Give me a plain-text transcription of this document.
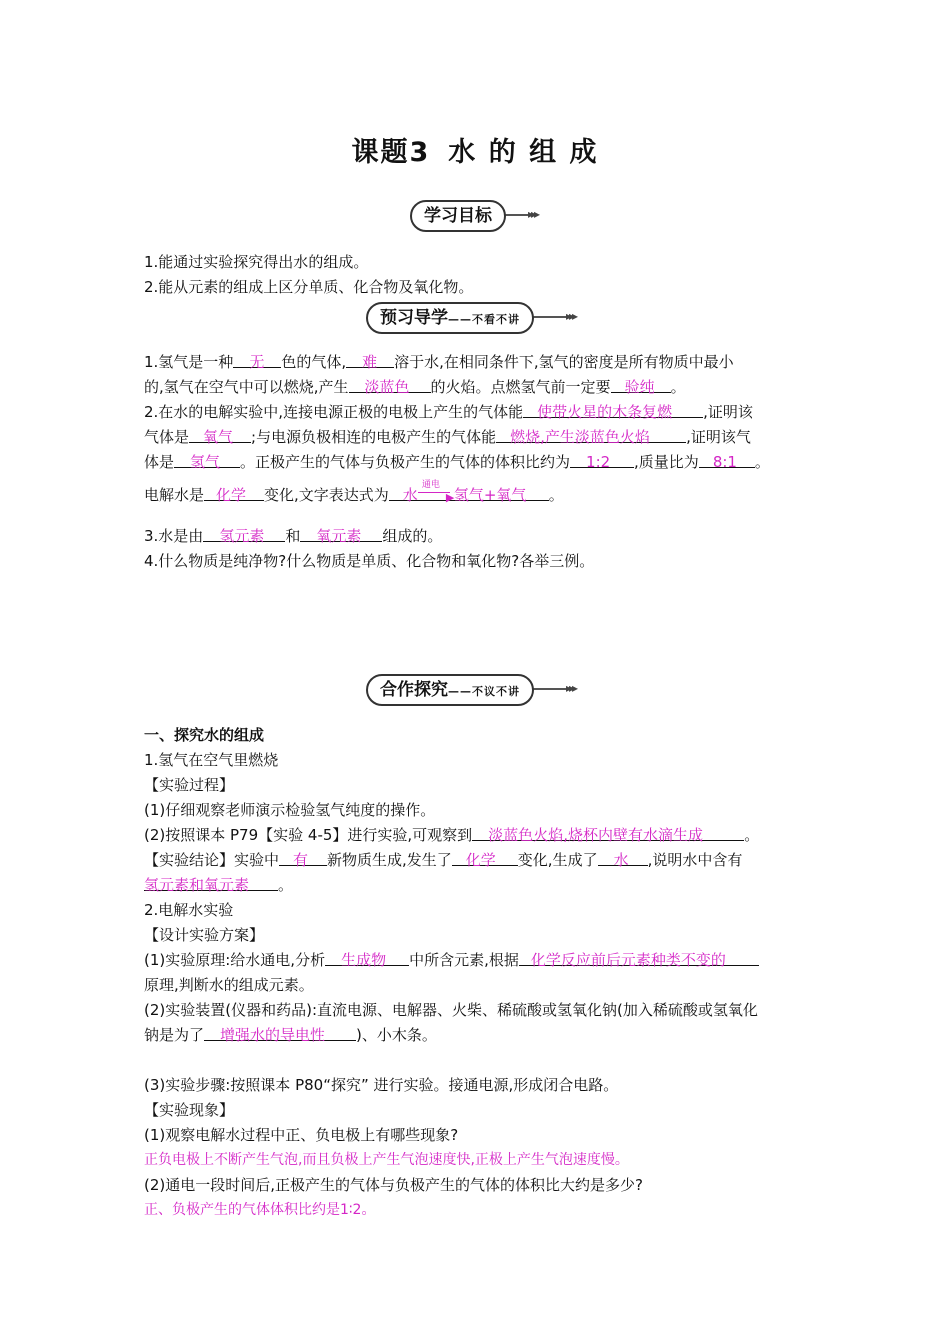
课题3 水 的 组 成
▸▸▸
学习目标
1.能通过实验探究得出水的组成。
2.能从元素的组成上区分单质、化合物及氧化物。
▸▸▸
预习导学——不看不讲
1.氢气是一种 无 色的气体, 难 溶于水,在相同条件下,氢气的密度是所有物质中最小
的,氢气在空气中可以燃烧,产生 淡蓝色 的火焰。点燃氢气前一定要 验纯 。
2.在水的电解实验中,连接电源正极的电极上产生的气体能 使带火星的木条复燃 ,证明该
气体是 氧气 ;与电源负极相连的电极产生的气体能 燃烧,产生淡蓝色火焰 ,证明该气
体是 氢气 。正极产生的气体与负极产生的气体的体积比约为 1:2 ,质量比为 8:1 。
电解水是 化学 变化,文字表达式为 水
通电
▶ 氢气+氧气 。
3.水是由 氢元素 和 氧元素 组成的。
4.什么物质是纯净物?什么物质是单质、化合物和氧化物?各举三例。
▸▸▸
合作探究——不议不讲
一、探究水的组成
1.氢气在空气里燃烧
【实验过程】
(1)仔细观察老师演示检验氢气纯度的操作。
(2)按照课本 P79【实验 4-5】进行实验,可观察到 淡蓝色火焰,烧杯内壁有水滴生成	。
【实验结论】实验中 有 新物质生成,发生了 化学 变化,生成了 水 ,说明水中含有
氢元素和氧元素 。
2.电解水实验
【设计实验方案】
(1)实验原理:给水通电,分析 生成物 中所含元素,根据 化学反应前后元素种类不变的
原理,判断水的组成元素。
(2)实验装置(仪器和药品):直流电源、电解器、火柴、稀硫酸或氢氧化钠(加入稀硫酸或氢氧化
钠是为了 增强水的导电性 )、小木条。
(3)实验步骤:按照课本 P80“探究” 进行实验。接通电源,形成闭合电路。
【实验现象】
(1)观察电解水过程中正、负电极上有哪些现象?
正负电极上不断产生气泡,而且负极上产生气泡速度快,正极上产生气泡速度慢。
(2)通电一段时间后,正极产生的气体与负极产生的气体的体积比大约是多少?
正、负极产生的气体体积比约是1∶2。
